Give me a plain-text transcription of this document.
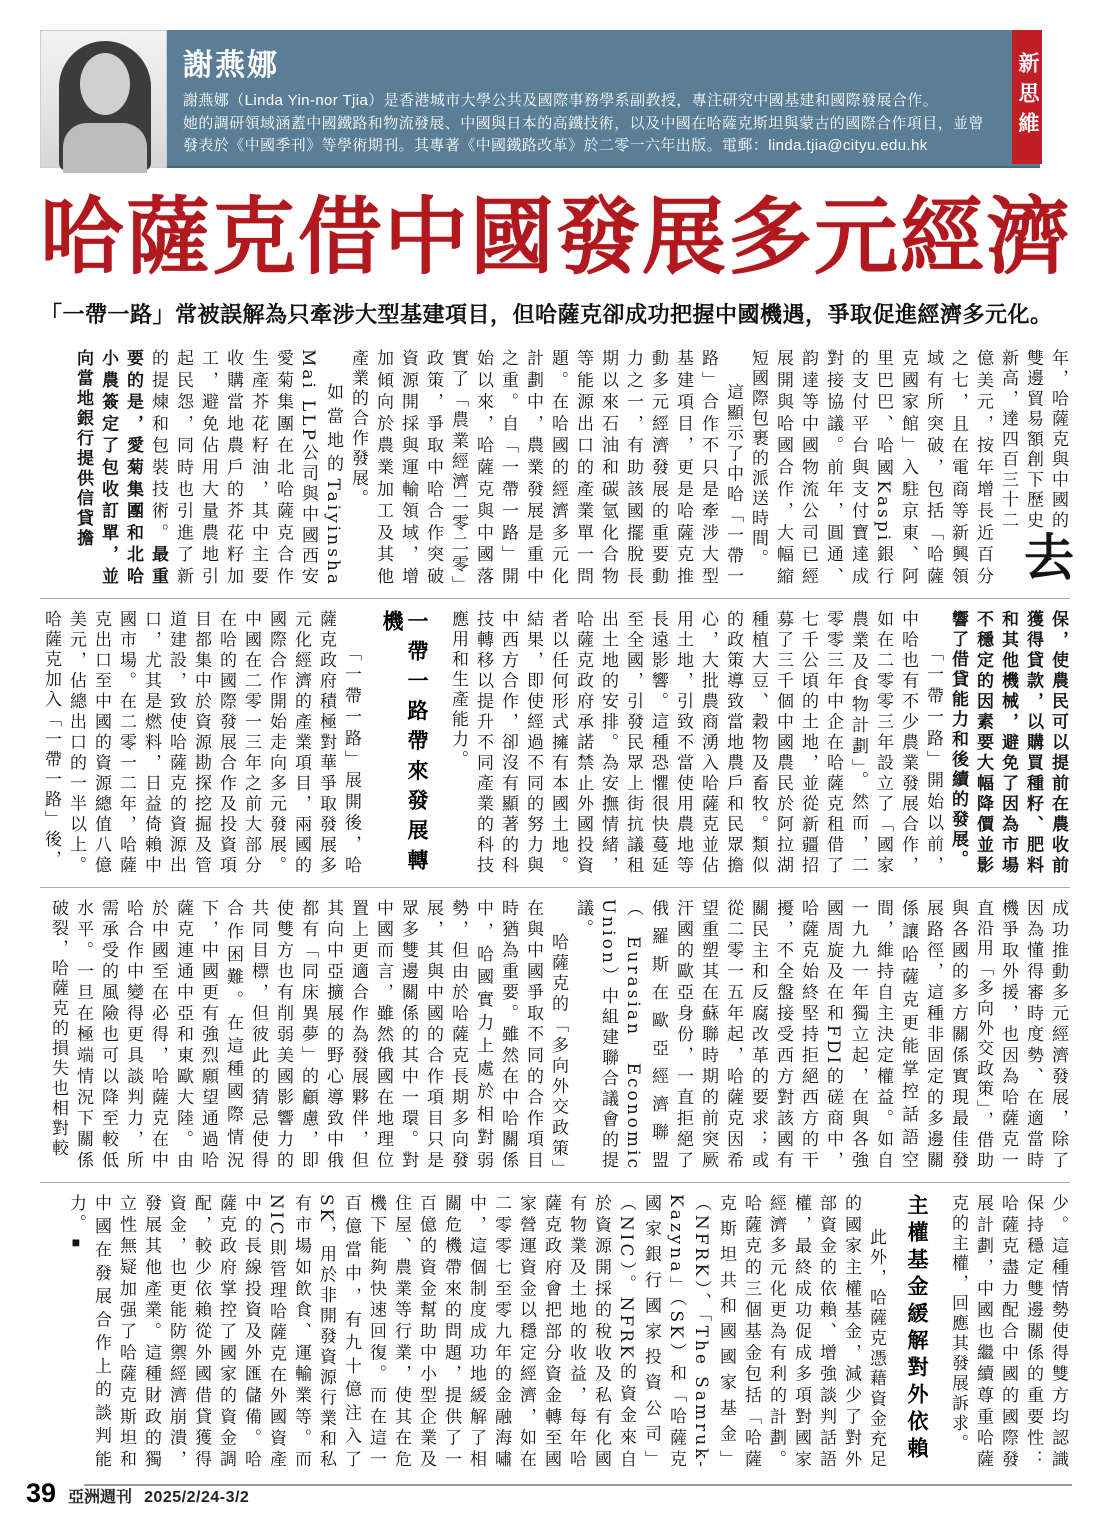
謝燕娜
謝燕娜（Linda Yin-nor Tjia）是香港城市大學公共及國際事務學系副教授，專注研究中國基建和國際發展合作。
她的調研領域涵蓋中國鐵路和物流發展、中國與日本的高鐵技術，以及中國在哈薩克斯坦與蒙古的國際合作項目，並曾
發表於《中國季刊》等學術期刊。其專著《中國鐵路改革》於二零一六年出版。電郵：linda.tjia@cityu.edu.hk
新思維
哈薩克借中國發展多元經濟
「一帶一路」常被誤解為只牽涉大型基建項目，但哈薩克卻成功把握中國機遇，爭取促進經濟多元化。

去
年，哈薩克與中國的雙邊貿易額創下歷史新高，達四百三十二億美元，按年增長近百分之七，且在電商等新興領域有所突破，包括「哈薩克國家館」入駐京東、阿里巴巴、哈國Kaspi銀行的支付平台與支付寶達成對接協議。前年，圓通、韵達等中國物流公司已經展開與哈國合作，大幅縮短國際包裹的派送時間。

這顯示了中哈「一帶一路」合作不只是牽涉大型基建項目，更是哈薩克推動多元經濟發展的重要動力之一，有助該國擺脫長期以來石油和碳氫化合物等能源出口的產業單一問題。在哈國的經濟多元化計劃中，農業發展是重中之重。自「一帶一路」開始以來，哈薩克與中國落實了「農業經濟二零二零」政策，爭取中哈合作突破資源開採與運輸領域，增加傾向於農業加工及其他產業的合作發展。

如當地的Taiyinsha Mai LLP公司與中國西安愛菊集團在北哈薩克合作生產芥花籽油，其中主要收購當地農戶的芥花籽加工，避免佔用大量農地引起民怨，同時也引進了新的提煉和包裝技術。最重要的是，愛菊集團和北哈小農簽定了包收訂單，並向當地銀行提供信貸擔

保，使農民可以提前在農收前獲得貸款，以購買種籽、肥料和其他機械，避免了因為市場不穩定的因素要大幅降價並影響了借貸能力和後續的發展。

「一帶一路」開始以前，中哈也有不少農業發展合作，如在二零零三年設立了「國家農業及食物計劃」。然而，二零零三年中企在哈薩克租借了七千公頃的土地，並從新疆招募了三千個中國農民於阿拉湖種植大豆、穀物及畜牧。類似的政策導致當地農戶和民眾擔心，大批農商湧入哈薩克並佔用土地，引致不當使用農地等長遠影響。這種恐懼很快蔓延至全國，引發民眾上街抗議租出土地的安排。為安撫情緒，哈薩克政府承諾禁止外國投資者以任何形式擁有本國土地。結果，即使經過不同的努力與中西方合作，卻沒有顯著的科技轉移以提升不同產業的科技應用和生產能力。

一帶一路帶來發展轉機

「一帶一路」展開後，哈薩克政府積極對華爭取發展多元化經濟的產業項目，兩國的國際合作開始走向多元發展。中國在二零一三年之前大部分在哈的國際發展合作及投資項目都集中於資源勘探挖掘及管道建設，致使哈薩克的資源出口，尤其是燃料，日益倚賴中國市場。在二零一二年，哈薩克出口至中國的資源總值八億美元，佔總出口的一半以上。哈薩克加入「一帶一路」後，

成功推動多元經濟發展，除了因為懂得審時度勢、在適當時機爭取外援，也因為哈薩克一直沿用「多向外交政策」，借助與各國的多方關係實現最佳發展路徑，這種非固定的多邊關係讓哈薩克更能掌控話語空間，維持自主決定權益。如自一九九一年獨立起，在與各強國周旋及在和FDI的磋商中，哈薩克始終堅持拒絕西方的干擾，不全盤接受西方對該國有關民主和反腐改革的要求；或從二零一五年起，哈薩克因希望重塑其在蘇聯時期的前突厥汗國的歐亞身份，一直拒絕了俄羅斯在歐亞經濟聯盟（Eurasian Economic Union）中組建聯合議會的提議。

哈薩克的「多向外交政策」在與中國爭取不同的合作項目時猶為重要。雖然在中哈關係中，哈國實力上處於相對弱勢，但由於哈薩克長期多向發展，其與中國的合作項目只是眾多雙邊關係的其中一環。對中國而言，雖然俄國在地理位置上更適合作為發展夥伴，但其向中亞擴展的野心導致中俄都有「同床異夢」的顧慮，即使雙方也有削弱美國影響力的共同目標，但彼此的猜忌使得合作困難。在這種國際情況下，中國更有強烈願望通過哈薩克連通中亞和東歐大陸。由於中國至在必得，哈薩克在中哈合作中變得更具談判力，所需承受的風險也可以降至較低水平。一旦在極端情況下關係破裂，哈薩克的損失也相對較

少。這種情勢使得雙方均認識保持穩定雙邊關係的重要性：哈薩克盡力配合中國的國際發展計劃，中國也繼續尊重哈薩克的主權，回應其發展訴求。

主權基金緩解對外依賴

此外，哈薩克憑藉資金充足的國家主權基金，減少了對外部資金的依賴、增強談判話語權，最終成功促成多項對國家經濟多元化更為有利的計劃。哈薩克的三個基金包括「哈薩克斯坦共和國國家基金」（NFRK）、「The Samruk-Kazyna」（SK）和「哈薩克國家銀行國家投資公司」（NIC）。NFRK的資金來自於資源開採的稅收及私有化國有物業及土地的收益，每年哈薩克政府會把部分資金轉至國家營運資金以穩定經濟，如在二零零七至零九年的金融海嘯中，這個制度成功地緩解了相關危機帶來的問題，提供了一百億的資金幫助中小型企業及住屋、農業等行業，使其在危機下能夠快速回復。而在這一百億當中，有九十億注入了SK，用於非開發資源行業和私有市場如飲食、運輸業等。而NIC則管理哈薩克在外國資產中的長線投資及外匯儲備。哈薩克政府掌控了國家的資金調配，較少依賴從外國借貸獲得資金，也更能防禦經濟崩潰，發展其他產業。這種財政的獨立性無疑加强了哈薩克斯坦和中國在發展合作上的談判能力。■

39 亞洲週刊 2025/2/24-3/2
